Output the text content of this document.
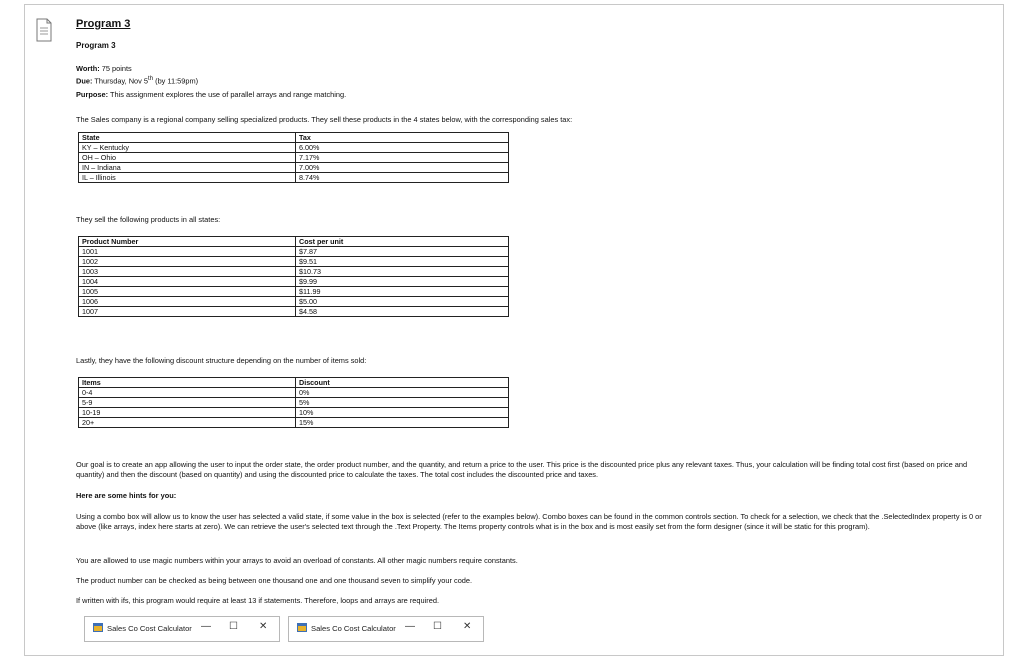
Program 3
Program 3
Worth: 75 points
Due: Thursday, Nov 5th (by 11:59pm)
Purpose: This assignment explores the use of parallel arrays and range matching.
The Sales company is a regional company selling specialized products. They sell these products in the 4 states below, with the corresponding sales tax:
State	Tax
KY – Kentucky	6.00%
OH – Ohio	7.17%
IN – Indiana	7.00%
IL – Illinois	8.74%
They sell the following products in all states:
Product Number	Cost per unit
1001	$7.87
1002	$9.51
1003	$10.73
1004	$9.99
1005	$11.99
1006	$5.00
1007	$4.58
Lastly, they have the following discount structure depending on the number of items sold:
Items	Discount
0-4	0%
5-9	5%
10-19	10%
20+	15%
Our goal is to create an app allowing the user to input the order state, the order product number, and the quantity, and return a price to the user. This price is the discounted price plus any relevant taxes. Thus, your calculation will be finding total cost first (based on price and quantity) and then the discount (based on quantity) and using the discounted price to calculate the taxes. The total cost includes the discounted price and taxes.
Here are some hints for you:
Using a combo box will allow us to know the user has selected a valid state, if some value in the box is selected (refer to the examples below). Combo boxes can be found in the common controls section. To check for a selection, we check that the .SelectedIndex property is 0 or above (like arrays, index here starts at zero). We can retrieve the user's selected text through the .Text Property. The Items property controls what is in the box and is most easily set from the form designer (since it will be static for this program).
You are allowed to use magic numbers within your arrays to avoid an overload of constants. All other magic numbers require constants.
The product number can be checked as being between one thousand one and one thousand seven to simplify your code.
If written with ifs, this program would require at least 13 if statements. Therefore, loops and arrays are required.
Sales Co Cost Calculator — ☐ ✕	Sales Co Cost Calculator — ☐ ✕
